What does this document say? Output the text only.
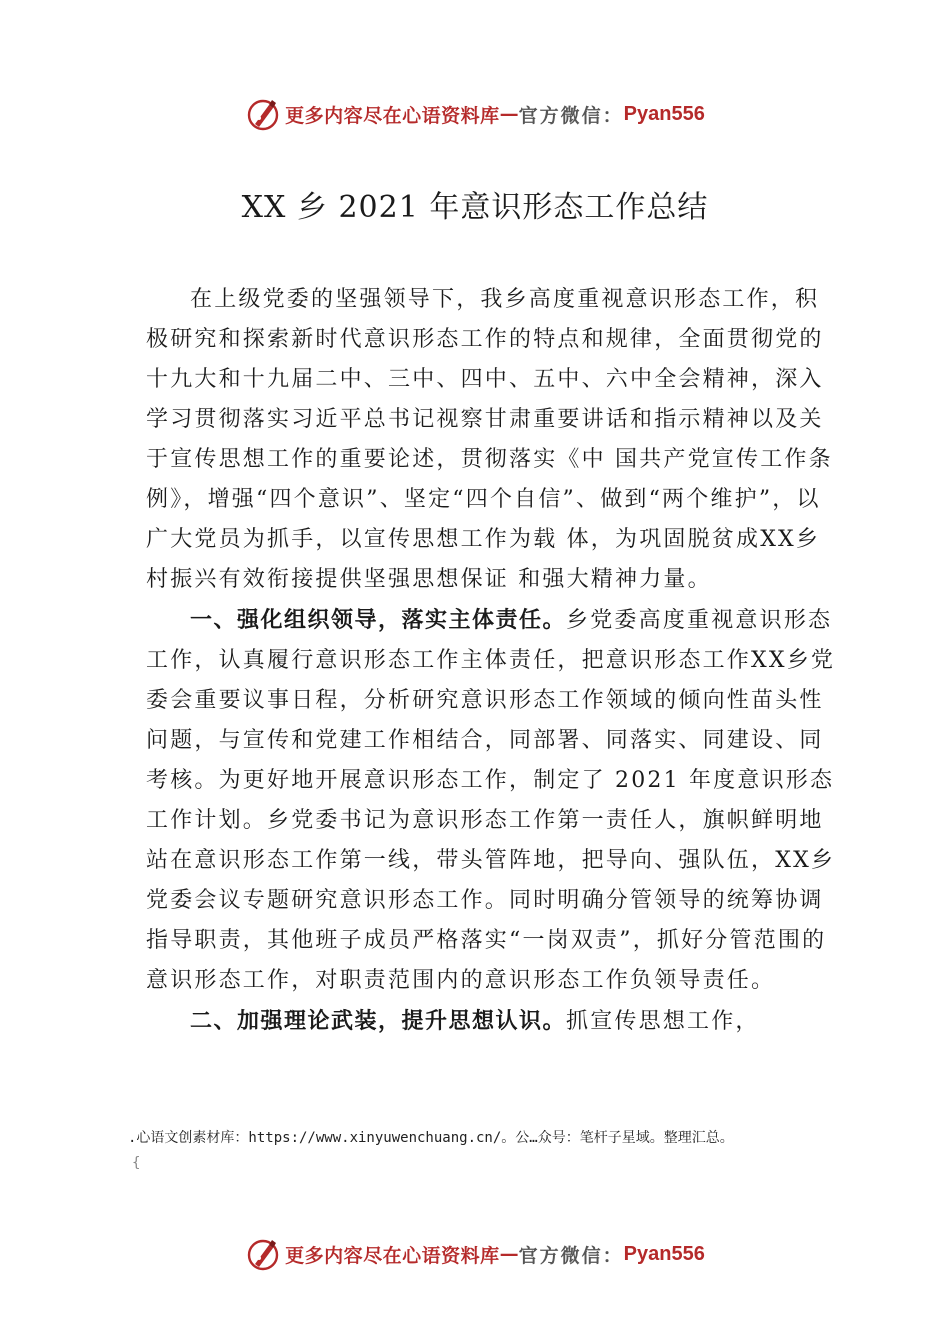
更多内容尽在心语资料库 — 官方微信： Pyan556
XX 乡 2021 年意识形态工作总结

在上级党委的坚强领导下，我乡高度重视意识形态工作，积极研究和探索新时代意识形态工作的特点和规律，全面贯彻党的十九大和十九届二中、三中、四中、五中、六中全会精神，深入学习贯彻落实习近平总书记视察甘肃重要讲话和指示精神以及关于宣传思想工作的重要论述，贯彻落实《中 国共产党宣传工作条例》，增强“四个意识”、坚定“四个自信”、做到“两个维护”，以广大党员为抓手，以宣传思想工作为载 体，为巩固脱贫成XX乡村振兴有效衔接提供坚强思想保证 和强大精神力量。

一、强化组织领导，落实主体责任。乡党委高度重视意识形态工作，认真履行意识形态工作主体责任，把意识形态工作XX乡党委会重要议事日程，分析研究意识形态工作领域的倾向性苗头性问题，与宣传和党建工作相结合，同部署、同落实、同建设、同考核。为更好地开展意识形态工作，制定了 2021 年度意识形态工作计划。乡党委书记为意识形态工作第一责任人，旗帜鲜明地站在意识形态工作第一线，带头管阵地，把导向、强队伍，XX乡党委会议专题研究意识形态工作。同时明确分管领导的统筹协调指导职责，其他班子成员严格落实“一岗双责”，抓好分管范围的意识形态工作，对职责范围内的意识形态工作负领导责任。

二、加强理论武装，提升思想认识。抓宣传思想工作，

.心语文创素材库：https://www.xinyuwenchuang.cn/。公…众号：笔杆子星域。整理汇总。
{
更多内容尽在心语资料库 — 官方微信： Pyan556
